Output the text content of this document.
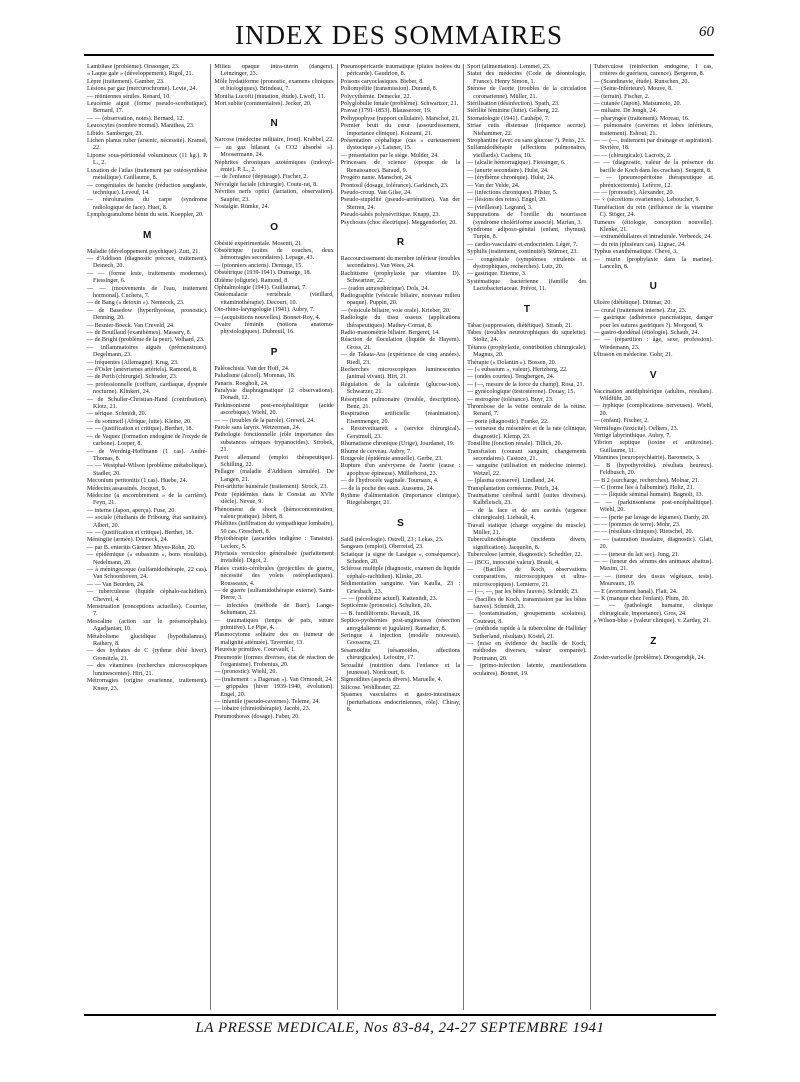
INDEX DES SOMMAIRES	60

Lambliase (problème). Orssonger, 23.

« Laque gale » (développement). Rigol, 21.

Lèpre (traitement). Gamber, 23.

Lésions par gaz (mercurochrome). Levie, 24.

— rétiniennes séniles. Renard, 10.

Leucémie aiguë (forme pseudo-scorbutique). Bernard, 17.

— — (observation, notes). Bernard, 12.

Leucocytes (nombre normal). Marathea, 23.

Libido. Samberger, 23.

Lichen planus ruber (arsenic, nécessité). Kramel, 22.

Lipome sous-péritonéal volumineux (11 kg.). P. L., 2.

Luxation de l'atlas (traitement par ostéosynthèse métallique). Guillaume, 8.

— congénitales de hanche (réduction sanglante, technique). Leveuf, 14.

— rétrolunaires du carpe (syndrome radiologique de face). Huet, 8.

Lymphogranulome bénin du sein. Koeppler, 20.

M

Maladie (développement psychique). Zutt, 21.

— d'Addison (diagnostic précoce, traitement). Deinech, 20.

— — (forme leste, traitements modernes). Fiessinger, 6.

— — (mouvements de l'eau, traitement hormonal). Cuchera, 7.

— de Bang (« detoxin »). Nemecek, 23.

— de Basedow (hyperthyréose, pronostic). Denning, 20.

— Besnier-Boeck. Van Creveld, 24.

— de Bouillaud (exanthèmes). Massary, 8.

— de Bright (problème de la peur). Volhard, 23.

— inflammatoires aiguës (prémenstrues). Degelmann, 23.

— fréquentes (Allemagne). Krug, 23.

— d'Osler (anévrismes artériels). Ramond, 8.

— de Perth (chirurgie). Schrader, 23.

— professionnelle (coiffure, cardiaque, dyspnée nocturne). Klinkert, 24.

— de Schuller-Christian-Hand (contribution). Klotz, 21.

— sérique. Schmidt, 20.

— du sommeil (Afrique, lutte). Kleine, 20.

— — (justification et critique). Berthet, 18.

— de Vaquez (formation endogène de l'oxyde de carbone). Loeper, 8.

— de Werdnig-Hoffmann (1 cas). André-Thomas, 8.

— — Westphal-Wilson (problème métabolique). Stadler, 20.

Meconium peritonitis (1 cas). Huebe, 24.

Médecins assassinés. Jocquet, 9.

Médecine (a encombrement » de la carrière). Feyn, 21.

— interne (Japon, aperçu). Fuse, 20.

— sociale (étudiants de Fribourg, état sanitaire). Albert, 20.

— — (justification et critique). Berthet, 18.

Méningite (armée). Donneck, 24.

— par B. enteritis Gärtner. Meyer-Rohn, 20.

— épidémique (« eubasium », bons résultats). Nedelmann, 20.

— à méningocoque (sulfamidothérapie, 22 cas). Van Schoonhoven, 24.

— — Van Beurden, 24.

— tuberculeuse (liquide céphalo-rachidien). Chevrel, 4.

Menstruation (conceptions actuelles). Courrier, 7.

Mescaline (action sur le présencéphale). Agadjanian, 10.

Métabolisme glucidique (hypothalamus). Rathery, 8.

— des hydrates de C (rythme d'été hiver). Gromitzla, 21.

— des vitamines (recherches microscopiques luminescentes). Hirt, 21.

Métrorragies (origine ovarienne, traitement). Kneer, 23.

Milieu opaque intra-utérin (dangers). Leinzinger, 23.

Môle hydatiforme (pronostic, examens cliniques et biologiques). Brindeau, 7.

Monilia Lucofii (mutation, étude). Lwoff, 11.

Mort subite (commentaires). Jecker, 20.

N

Narcose (médecine militaire, front). Krabbel, 22.

— au gaz hilarant (« CO2 absorbé »). Moosermann, 24.

Néphrites chroniques azotémiques (indoxyl-émie). P. L., 2.

— de l'enfance (dépistage). Fischer, 2.

Névralgie faciale (chirurgie). Coutu-rat, 8.

Névrites nerfs optici (lactation, observation). Saupfer, 23.

Nostalgie. Rümke, 24.

O

Obésité expérimentale. Mosenti, 21.

Obstétrique (suites de couches, deux hémorragies secondaires). Lepage, 43.

— (pionniers anciens). Demuge, 15.

Obstétrique (1939-1941). Dumarge, 18.

Œdème (oligurie). Ramond, 8.

Ophtalmologie (1941). Guillaumat, 7.

Ostéomalacie vertébrale (vieillard, vitaminothérapie). Decourt, 10.

Oto-rhino-laryngologie (1941). Aubry, 7.

— (acquisitions nouvelles). Bonnet-Roy, 4.

Ovaire féminin (notions anatomo-physiologiques). Dubreuil, 16.

P

Paléoschisis. Van der Hoff, 24.

Paludisme (alcool). Morenas, 18.

Panaris. Roegholt, 24.

Paralysie diaphragmatique (2 observations). Donadt, 12.

Parkinsonisme post-encéphalitique (acide ascorbique). Wiehl, 20.

— — (troubles de la parole). Grewel, 24.

Parole sans larynx. Wetzerman, 24.

Pathologie fonctionnelle (rôle importance des substances sériques trypanocides). Strobek, 21.

Pavot allemand (emploi thérapeutique). Schilling, 22.

Pellagre (maladie d'Addison simulée). De Langen, 21.

Péri-arthrite humérale (traitement). Strock, 23.

Peste (épidémies dans le Constat au XVIe siècle). Nevue, 9.

Phénomène de shock (hémoconcentration, valeur pratique). Isbert, 8.

Phlébites (infiltration du sympathique lombaire), 50 cas. Greschert, 8.

Phytothérapie (ascarides indigène : Tanaisie). Leclerc, 5.

Pityriasis versicolor généralisée (parfaitement invisible). Digot, 2.

Plaies cranio-cérébrales (projectiles de guerre, nécessité des volets ostéoplastiques). Rousseaux, 4.

— de guerre (sulfamidothérapie externe). Saint-Pierre, 3.

— infectées (méthode de Baer). Lange-Schumann, 23.

— traumatiques (temps de paix, suture primitive). Le Pipe, 4.

Plasmocytome solitaire des os (tumeur de malignité atténuée). Tavernier, 13.

Pleurésie primitive. Courvault, 1.

Pneumonie (formes diverses, état de réaction de l'organisme). Frobenius, 20.

— (pronostic). Wiehl, 20.

— (traitement : « Dagenan »). Van Ormondt, 24.

— grippales (hiver 1939-1940, évolution). Engel, 20.

— infantile (pseudo-cavernes). Teleme, 24.

— lobaire (chimiothérapie). Jacobi, 23.

Pneumothorax (dosage). Faber, 20.

Pneumopéricarde traumatique (plaies isolées du péricarde). Gaudrion, 8.

Poisons caryoclasiques. Bieber, 8.

Poliomyélite (transmission). Durand, 8.

Polycythémie. Demecke, 22.

Polyglobulie fœtale (problème). Schwartzer, 21.

Pravaz (1791-1853). Blausseroer, 19.

Préhypophyse (rapport cellulaire). Marschot, 21.

Premier bruit du cœur (assourdissement, importance clinique). Koizumi, 21.

Présentation céphalique (cas « curieusement dystocique »). Laisner, 15.

— présentation par le siège. Mulder, 24.

Princesses de science (époque de la Renaissance). Baraud, 9.

Progéro nanie. Manschot, 24.

Prontosil (dosage, tolérance). Garkirsch, 23.

Pseudo-croup. Van Gilse, 24.

Pseudo-stupidité (pseudo-arriération). Van der Sterren, 24.

Pseudo-tabès polynévritique. Knapp, 23.

Psychoses (choc électrique). Meggendorfer, 20.

R

Raccourcissement du membre inférieur (troubles secondaires). Van Wees, 24.

Rachitisme (prophylaxie par vitamine D). Schwartzer, 22.

— (radon atmosphérique). Dols, 24.

Radiographie (vésicule biliaire, nouveau milieu opaque). Puppin, 20.

— (vésicule biliaire, voie orale). Krieber, 20.

Radiologie du tissu osseux (applications thérapeutiques). Mathey-Cornat, 8.

Radio-manométrie biliaire. Bergeret, 14.

Réaction de floculation (liquide de Hayem). Gross, 21.

— de Takata-Ara (expérience de cinq années). Riedl, 23.

Recherches microscopiques luminescentes (animal vivant). Hirt, 21.

Régulation de la calcémie (glucose-ion). Schwarzer, 21.

Résorption pulmonaire (trouble, description). Benz, 21.

Respiration artificielle (réanimation). Eisenmenger, 20.

« Resorvetiuarett » (service chirurgical). Gerstmull, 23.

Rhumatisme chronique (Urige), Jourdanet, 19.

Rhume de cerveau. Aubry, 7.

Rougeole (épidémie annuelle). Gerbe, 23.

Rupture d'un anévrysme de l'aorte (cause : apophyse épineuse). Müllerhorst, 23.

— de l'hydrocèle vaginale. Tournaux, 4.

— de la poche des eaux. Aussems, 24.

Rythme d'alimentation (importance clinique). Riegelsberger, 21.

S

Saidl (nécrologie). Ostrell, 23 ; Lekas, 23.

Sangsues (emploi). Oberreisd, 23.

Sciatique (a signe de Laségue », conséquence). Schoden, 20.

Sclérose multiple (diagnostic, examen du liquide céphalo-rachidien). Klinke, 20.

Sédimentation sanguine. Van Kaulla, 23 ; Griesbach, 23.

— — (problème actuel). Kattentidt, 23.

Septicémie (pronostic). Schulten, 20.

— B. fundiliformis. Ravault, 18.

Septico-pyohémies post-angineuses (résection amygdalienne et jugulaire). Ramadier, 8.

Seringue à injection (modèle nouveau). Goossens, 23.

Sésamoïdite (sésamoïdes, affections chirurgicales). Lefoutre, 17.

Sexualité (nutrition dans l'enfance et la jeunesse). Nordcourt, 6.

Sigmoïdites (aspects divers). Maruelle, 4.

Silicose. Wohlbrater, 22.

Spasmes vasculaires et gastro-intestinaux (perturbations endocriniennes, rôle). Chiray, 8.

Sport (alimentation). Lemmel, 23.

Statut des médecins (Code de déontologie, France). Henry Simon, 1.

Sténose de l'aorte (troubles de la circulation coronarienne). Müller, 21.

Stérilisation (désinfection). Spath, 23.

Stérilité féminine (lutte). Gelberg, 22.

Stomatologie (1941). Cauhépé, 7.

Striae cutis distensae (fréquence accrue). Niehammer, 22.

Strophantine (avec ou sans glucose ?). Peiss, 23.

Sulfamidothérapie (affections pulmonaires, vieillards). Cachera, 10.

— (alcalie hémorragique). Fiessinger, 6.

— (anurie secondaire). Hulst, 24.

— (érythème chronique). Hulst, 24.

— Van der Velde, 24.

— (infections chroniques). Pfister, 5.

— (lésions des reins). Engel, 20.

— (vieillesse). Legrand, 3.

Suppurations de l'oreille du nourrisson (syndrome cholériforme associé). Marfan, 3.

Syndrome adiposo-génital (enfant, thymus). Turpin, 8.

— cardio-vasculaire et endocrinien. Léger, 7.

Syphilis (traitement, continuité). Stürmer, 23.

— congénitale (symptômes virulents et dystrophiques, recherches). Lutz, 20.

— gastrique. Etienne, 3.

Systématique bactérienne (famille des Lactobacteriaceae. Prévot, 11.

T

Tabac (suppression, diététique). Straub, 21.

Tabes (troubles neurotrophiques du squelette). Stoltz, 24.

Tétanos (prophylaxie, contribution chirurgicale). Magnus, 20.

Thérapie (« Dolantin »). Bossen, 20.

— (« eubasium », valeur). Hertzberg, 22.

— (ondes courtes). Tengbergen, 24.

— (—, mesure de la force du champ). Rosa, 21.

— gynécologique (testostérone). Douay, 15.

— œstrogène (tolérance). Buyr, 23.

Thrombose de la veine centrale de la rétine. Renard, 7.

— porte (diagnostic). Franke, 22.

— veineuse du mésentère et de la rate (clinique, diagnostic). Klemp, 23.

Tonsillite (fonction rénale). Tillich, 20.

Transfusion (courant sanguin, changements secondaires). Castozo, 21.

— sanguine (utilisation en médecine interne). Wetzel, 22.

— (plasma conservé). Lindland, 24.

Transplantation cornéenne. Petch, 24.

Traumatisme cérébral tardif (suites diverses). Kalbfleisch, 23.

— de la face et de ses cavités (urgence chirurgicale). Liebault, 4.

Travail statique (charge oxygène du muscle). Müller, 21.

Tuberculinothérapie (incidents divers, signification). Jacquelin, 8.

Tuberculose (armée, diagnostic). Schedtler, 22.

— (BCG, innocuité valeur). Brault, 4.

— (Bacilles de Koch, observations comparatives, microscopiques et ultra-microscopiques). Lemierre, 21.

— (—, —, par les bêtes fauves). Schmidt, 23.

— (bacilles de Koch, transmission par les bêtes fauves). Schmidt, 23.

— (contamination, groupements scolaires). Couteaut, 8.

— (méthode rapide à la tuberculine de Halliday Sutherland, résultats). Kostel, 21.

— (mise en évidence du bacille de Koch, méthodes diverses, valeur comparée). Portmann, 20.

— (primo-infection latente, manifestations oculaires). Bonnet, 19.

Tuberculose (réinfection endogène, I cas, critères de guérison, carence). Bergeron, 8.

— (Scandinavie, étude). Runschen, 20.

— (Seine-Inférieure). Mouve, 8.

— (terrain). Fischer, 2.

— cutanée (Japon). Matsumoto, 20.

— miliaire. De Jongh, 24.

— pharyngée (traitement). Moreau, 16.

— pulmonaire (cavernes et lobes inférieurs, traitement). Eshout, 21.

— — (—, traitement par drainage et aspiration). Sivrière, 18.

— — (chirurgicale). Lacroix, 2.

— — (diagnostic, valeur de la présence du bacille de Koch dans les crachats). Sergent, 8.

— — (pneumopéritoine thérapeutique et phrénicectomie). Lefèvre, 12.

— — (pronostic). Alexander, 20.

— ♀ (sécrétions ovariennes). Leboucher, 9.

Tuméfaction du rein (influence de la vitamine C). Stöger, 24.

Tumeurs (étiologie, conception nouvelle). Klenke, 21.

— extramédullaires et intradurale. Verbeeck, 24.

— du rein (plusieurs cas). Lignac, 24.

Typhus exanthématique. Chevé, 3.

— murin (prophylaxie dans la marine). Lancelin, 8.

U

Ulcère (diététique). Dittmar, 20.

— crural (traitement interne). Zur, 23.

— gastrique (adhérence pancréatique, danger pour les sutures gastriques ?). Morgoud, 9.

— gastro-duodénal (étiologie). Schaub, 24.

— — (répartition : âge, sexe, profession). Wiedemann, 23.

Ultrason en médecine. Gohr, 21.

V

Vaccination antidiphtérique (adultes, résultats). Wildführ, 20.

— typhique (complications nerveuses). Wiehl, 20.

— (enfant). Fischer, 2.

Vermifuges (toxicité). Oelkers, 23.

Vertige labyrinthique. Aubry, 7.

Vibrion septique (toxine et antitoxine). Guillaume, 11.

Vitamines (neuropsychiatrie). Baronneix, 3.

— B (hypothyroïdie). résultats heureux). Feldbusch, 20.

— B 2 (surcharge, recherches). Molnar, 21.

— C (forme liée à l'albumine). Holtz, 21.

— — (liquide séminal humain). Bagnoli, 13.

— — (parkinsonisme post-encéphalitique). Wiehl, 20.

— — (perte par lavage de légumes). Dardy, 20.

— — (pommes de terre). Mohr, 23.

— — (résultats cliniques). Rietschel, 20.

— — (saturation tissulaire, diagnostic). Glatt, 20.

— — (teneur du lait sec). Jung, 21.

— — (teneur des sérums des animaux abattus). Maxim, 21.

— — (teneur des tissus végétaux, tests). Moureaux, 19.

— E (avortement banal). Flatt, 24.

— K (manque chez l'enfant). Plum, 20.

— — (pathologie humaine, clinique chirurgicale, importance). Gros, 24.

« Wilson-blue » (valeur clinique). v. Zarday, 21.

Z

Zoster-varicelle (problème). Droogendijk, 24.

LA PRESSE MEDICALE, Nos 83-84, 24-27 SEPTEMBRE 1941
